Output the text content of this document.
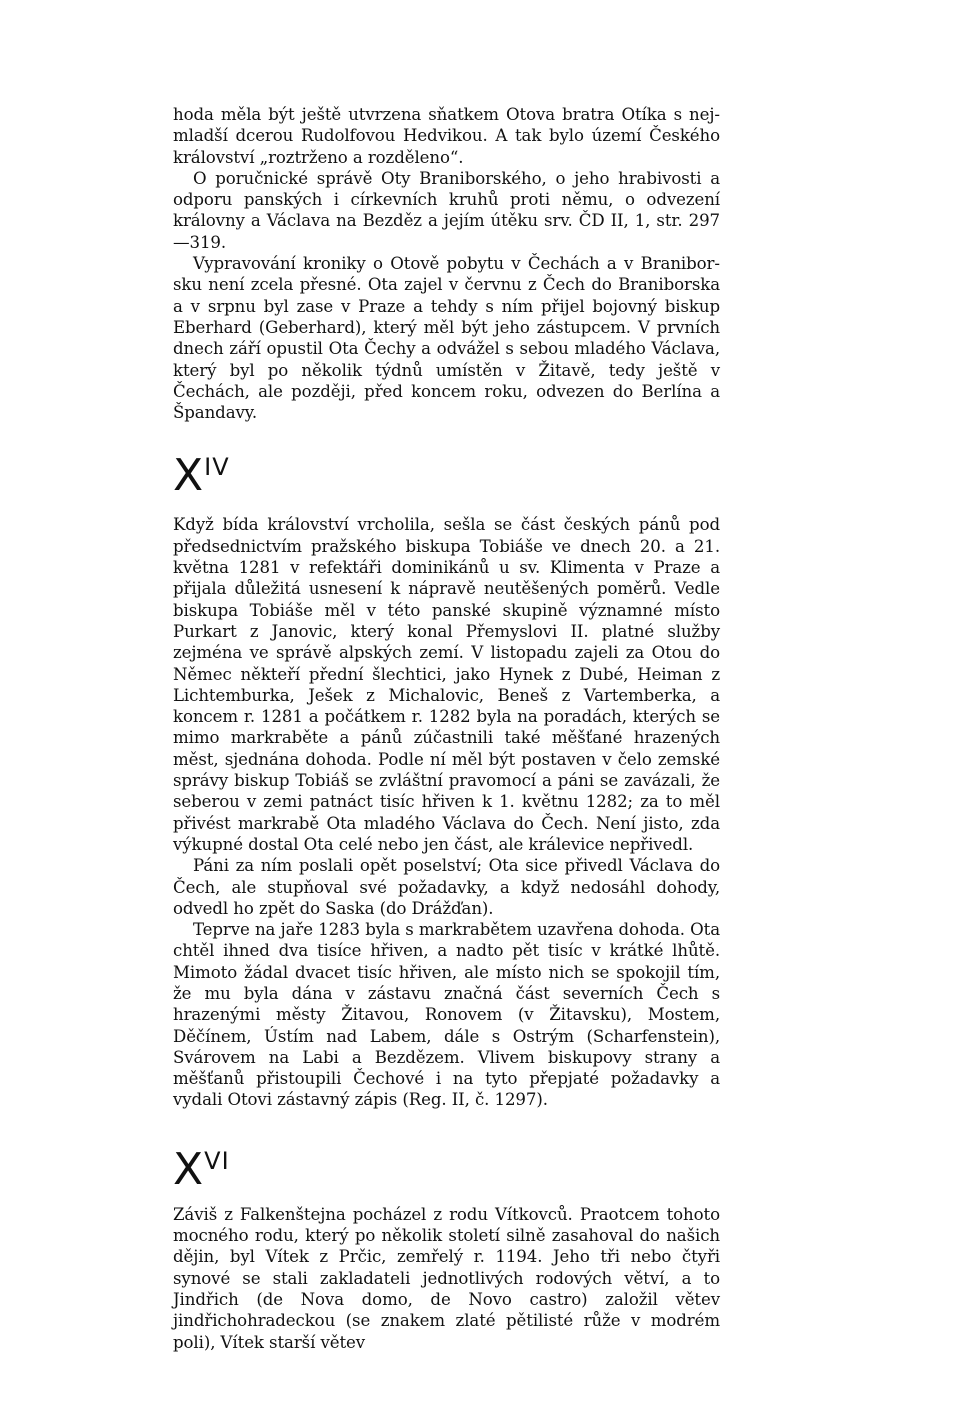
hoda měla být ještě utvrzena sňatkem Otova bratra Otíka s nejmladší dcerou Rudolfovou Hedvikou. A tak bylo území Českého království „roztrženo a rozděleno“.

O poručnické správě Oty Braniborského, o jeho hrabivosti a odporu panských i církevních kruhů proti němu, o odvezení královny a Václava na Bezděz a jejím útěku srv. ČD II, 1, str. 297—319.

Vypravování kroniky o Otově pobytu v Čechách a v Braniborsku není zcela přesné. Ota zajel v červnu z Čech do Braniborska a v srpnu byl zase v Praze a tehdy s ním přijel bojovný biskup Eberhard (Geberhard), který měl být jeho zástupcem. V prvních dnech září opustil Ota Čechy a odvážel s sebou mladého Václava, který byl po několik týdnů umístěn v Žitavě, tedy ještě v Čechách, ale později, před koncem roku, odvezen do Berlína a Špandavy.

$X^{IV}$

Když bída království vrcholila, sešla se část českých pánů pod předsednictvím pražského biskupa Tobiáše ve dnech 20. a 21. května 1281 v refektáři dominikánů u sv. Klimenta v Praze a přijala důležitá usnesení k nápravě neutěšených poměrů. Vedle biskupa Tobiáše měl v této panské skupině významné místo Purkart z Janovic, který konal Přemyslovi II. platné služby zejména ve správě alpských zemí. V listopadu zajeli za Otou do Němec někteří přední šlechtici, jako Hynek z Dubé, Heiman z Lichtemburka, Ješek z Michalovic, Beneš z Vartemberka, a koncem r. 1281 a počátkem r. 1282 byla na poradách, kterých se mimo markraběte a pánů zúčastnili také měšťané hrazených měst, sjednána dohoda. Podle ní měl být postaven v čelo zemské správy biskup Tobiáš se zvláštní pravomocí a páni se zavázali, že seberou v zemi patnáct tisíc hřiven k 1. květnu 1282; za to měl přivést markrabě Ota mladého Václava do Čech. Není jisto, zda výkupné dostal Ota celé nebo jen část, ale králevice nepřivedl.

Páni za ním poslali opět poselství; Ota sice přivedl Václava do Čech, ale stupňoval své požadavky, a když nedosáhl dohody, odvedl ho zpět do Saska (do Drážďan).

Teprve na jaře 1283 byla s markrabětem uzavřena dohoda. Ota chtěl ihned dva tisíce hřiven, a nadto pět tisíc v krátké lhůtě. Mimoto žádal dvacet tisíc hřiven, ale místo nich se spokojil tím, že mu byla dána v zástavu značná část severních Čech s hrazenými městy Žitavou, Ronovem (v Žitavsku), Mostem, Děčínem, Ústím nad Labem, dále s Ostrým (Scharfenstein), Svárovem na Labi a Bezdězem. Vlivem biskupovy strany a měšťanů přistoupili Čechové i na tyto přepjaté požadavky a vydali Otovi zástavný zápis (Reg. II, č. 1297).

$X^{VI}$

Záviš z Falkenštejna pocházel z rodu Vítkovců. Praotcem tohoto mocného rodu, který po několik století silně zasahoval do našich dějin, byl Vítek z Prčic, zemřelý r. 1194. Jeho tři nebo čtyři synové se stali zakladateli jednotlivých rodových větví, a to Jindřich (de Nova domo, de Novo castro) založil větev jindřichohradeckou (se znakem zlaté pětilisté růže v modrém poli), Vítek starší větev
